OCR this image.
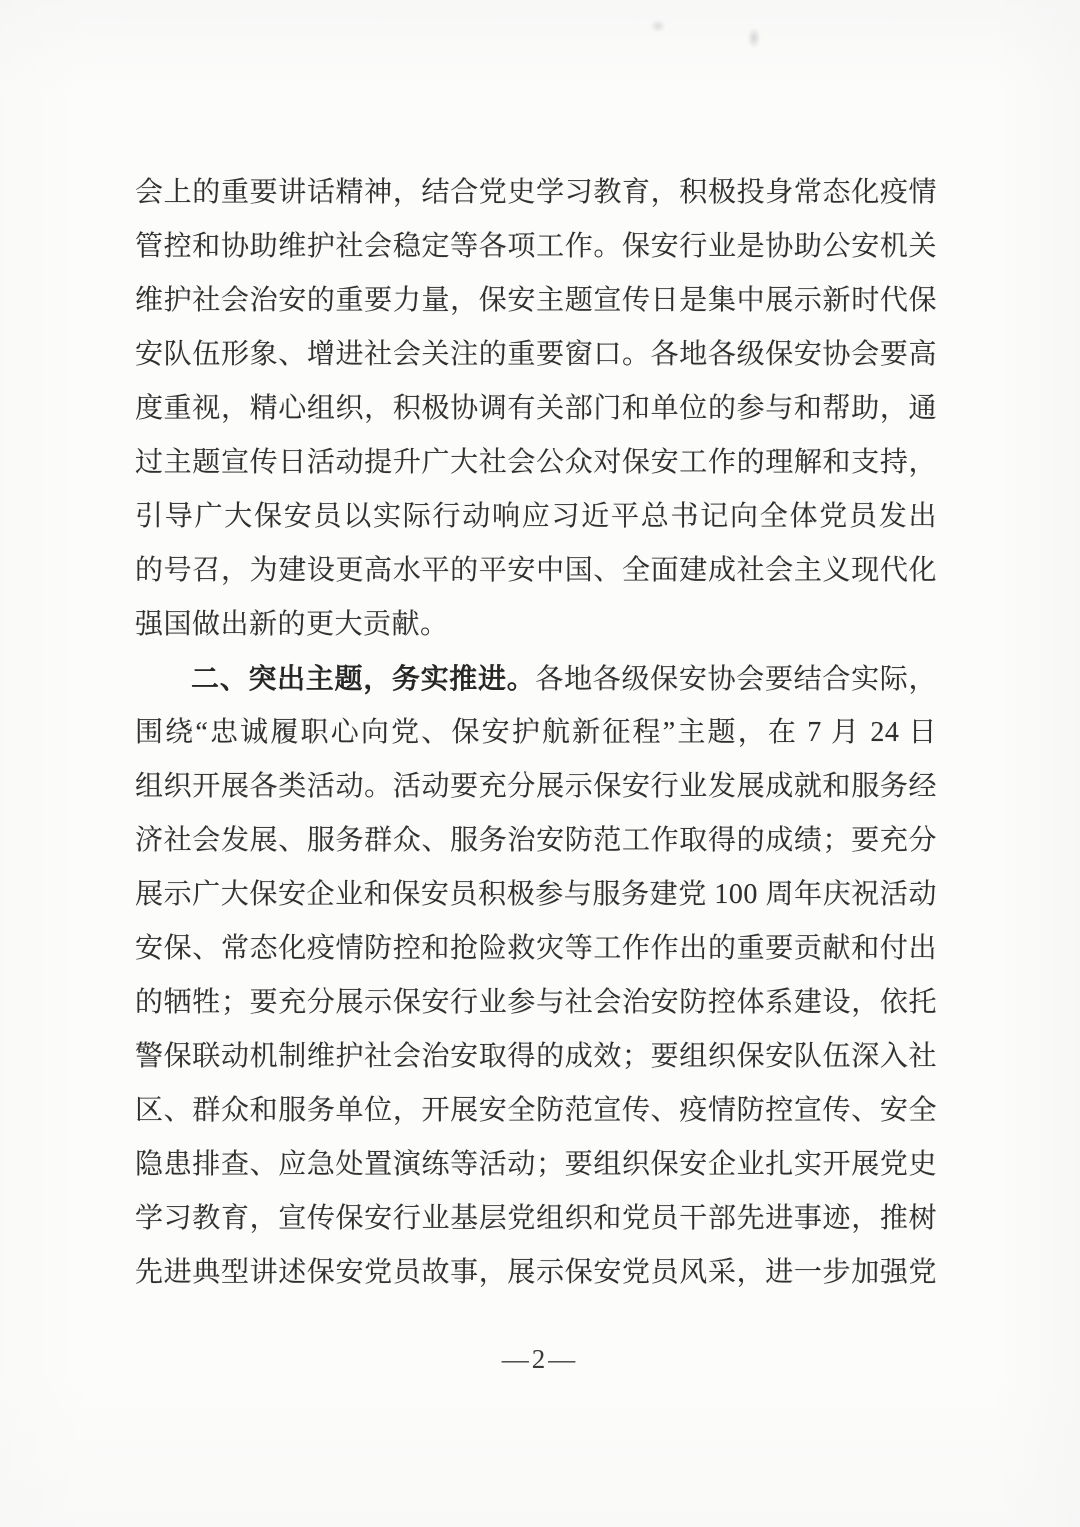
会上的重要讲话精神，结合党史学习教育，积极投身常态化疫情
管控和协助维护社会稳定等各项工作。保安行业是协助公安机关
维护社会治安的重要力量，保安主题宣传日是集中展示新时代保
安队伍形象、增进社会关注的重要窗口。各地各级保安协会要高
度重视，精心组织，积极协调有关部门和单位的参与和帮助，通
过主题宣传日活动提升广大社会公众对保安工作的理解和支持，
引导广大保安员以实际行动响应习近平总书记向全体党员发出
的号召，为建设更高水平的平安中国、全面建成社会主义现代化
强国做出新的更大贡献。
二、突出主题，务实推进。各地各级保安协会要结合实际，
围绕“忠诚履职心向党、保安护航新征程”主题，在 7 月 24 日
组织开展各类活动。活动要充分展示保安行业发展成就和服务经
济社会发展、服务群众、服务治安防范工作取得的成绩；要充分
展示广大保安企业和保安员积极参与服务建党 100 周年庆祝活动
安保、常态化疫情防控和抢险救灾等工作作出的重要贡献和付出
的牺牲；要充分展示保安行业参与社会治安防控体系建设，依托
警保联动机制维护社会治安取得的成效；要组织保安队伍深入社
区、群众和服务单位，开展安全防范宣传、疫情防控宣传、安全
隐患排查、应急处置演练等活动；要组织保安企业扎实开展党史
学习教育，宣传保安行业基层党组织和党员干部先进事迹，推树
先进典型讲述保安党员故事，展示保安党员风采，进一步加强党
—2—
